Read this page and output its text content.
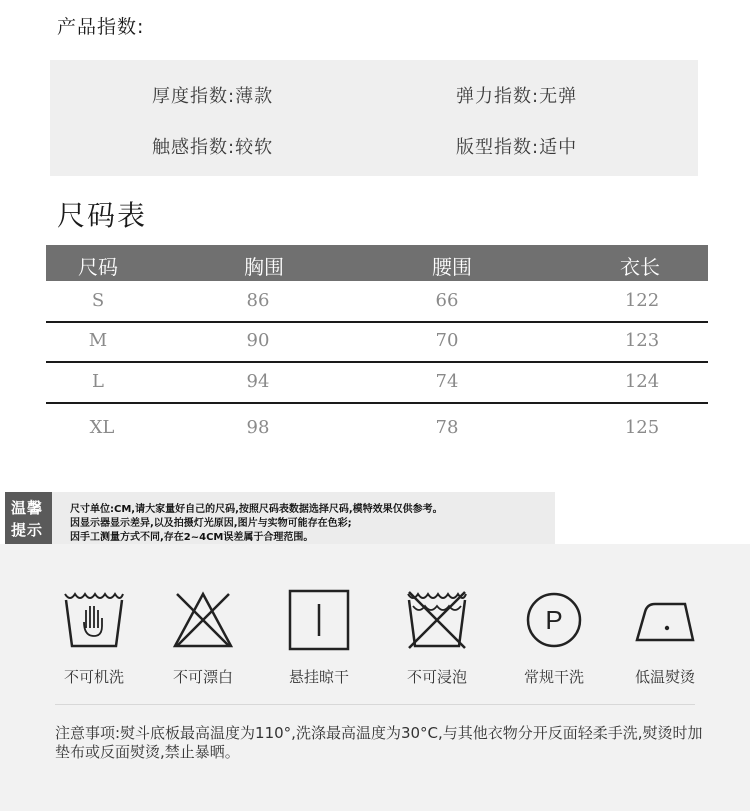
产品指数:
厚度指数:薄款	弹力指数:无弹
触感指数:较软	版型指数:适中
尺码表
尺码	胸围	腰围	衣长
S	86	66	122
M	90	70	123
L	94	74	124
XL	98	78	125
尺寸单位:CM,请大家量好自己的尺码,按照尺码表数据选择尺码,模特效果仅供参考。
因显示器显示差异,以及拍摄灯光原因,图片与实物可能存在色彩;
因手工测量方式不同,存在2~4CM误差属于合理范围。
温馨
提示
不可机洗	不可漂白	悬挂晾干	不可浸泡
P
常规干洗	低温熨烫
注意事项:熨斗底板最高温度为110°,洗涤最高温度为30°C,与其他衣物分开反面轻柔手洗,熨烫时加垫布或反面熨烫,禁止暴晒。
